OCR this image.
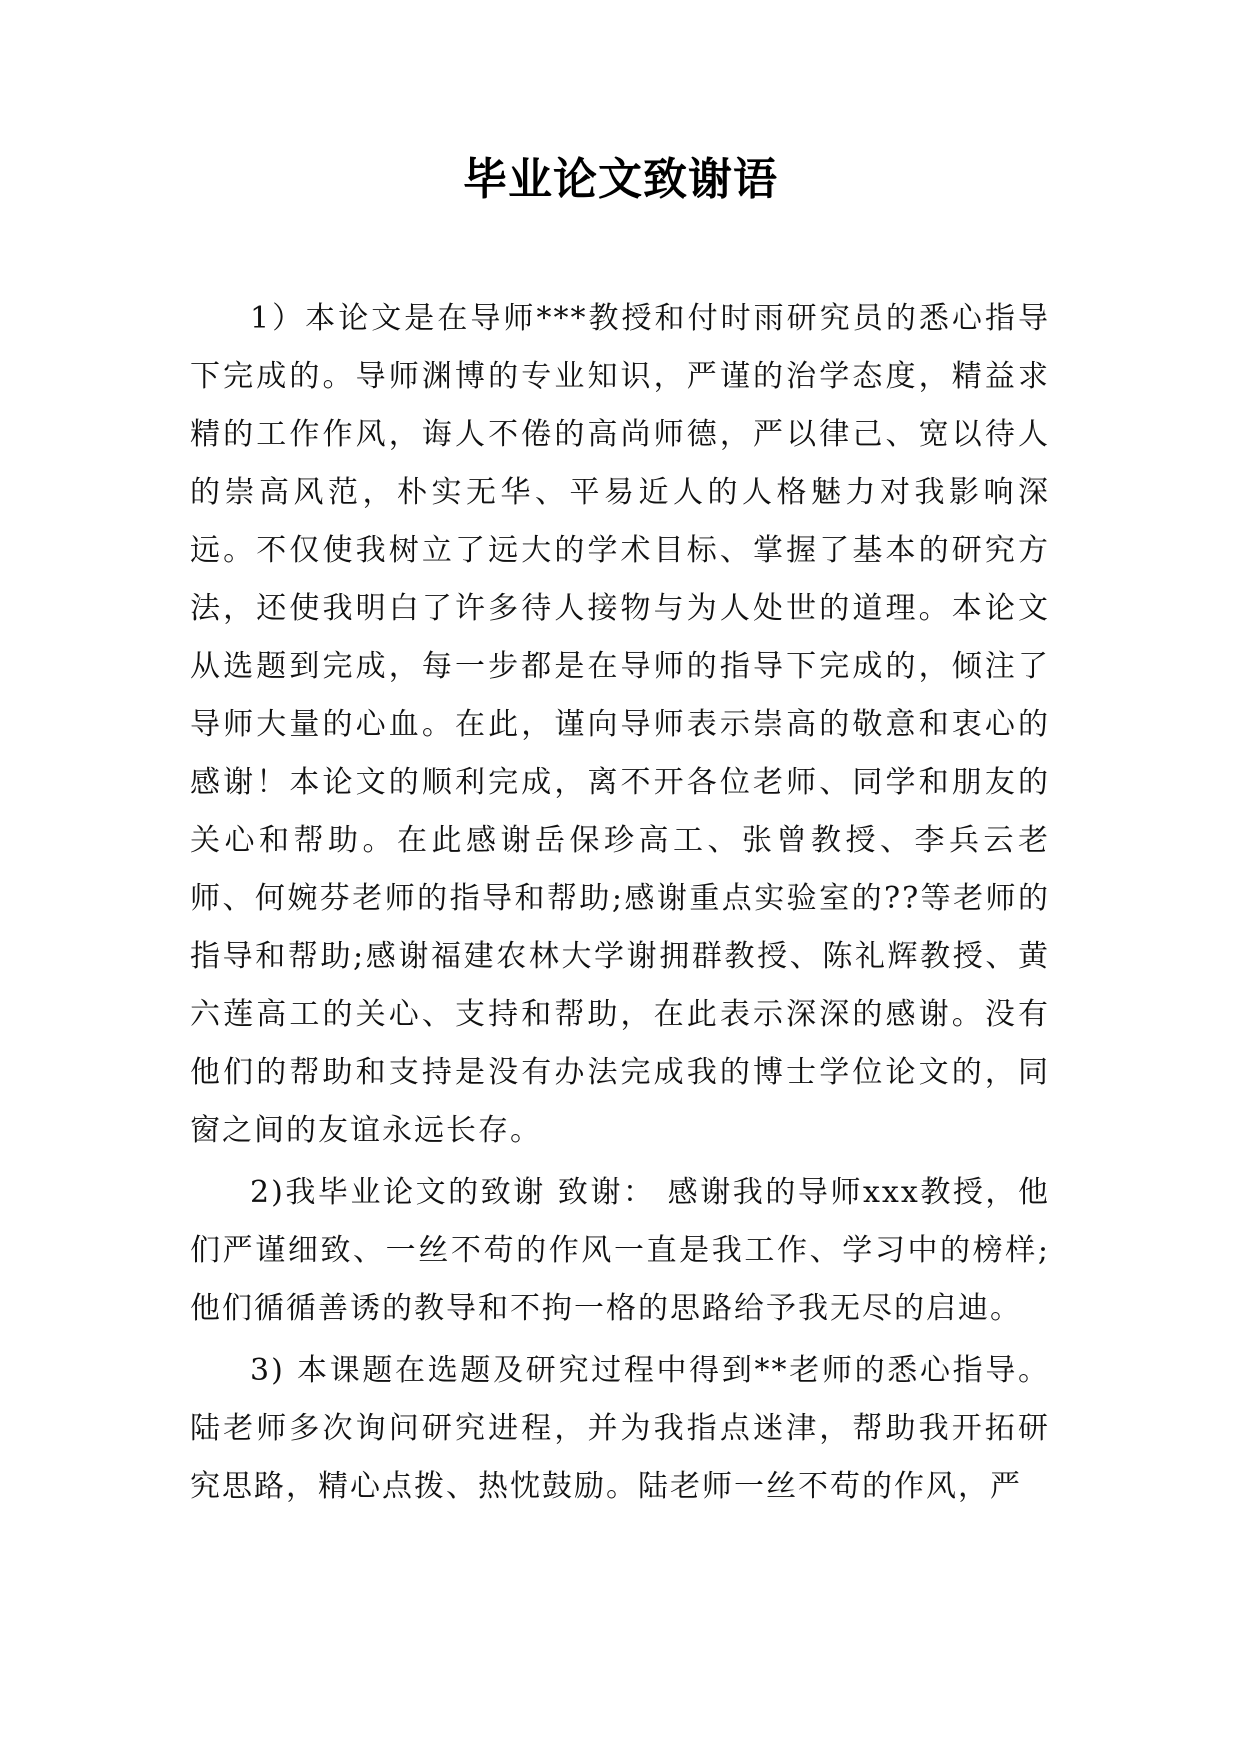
毕业论文致谢语

1）本论文是在导师***教授和付时雨研究员的悉心指导下完成的。导师渊博的专业知识，严谨的治学态度，精益求精的工作作风，诲人不倦的高尚师德，严以律己、宽以待人的崇高风范，朴实无华、平易近人的人格魅力对我影响深远。不仅使我树立了远大的学术目标、掌握了基本的研究方法，还使我明白了许多待人接物与为人处世的道理。本论文从选题到完成，每一步都是在导师的指导下完成的，倾注了导师大量的心血。在此，谨向导师表示崇高的敬意和衷心的感谢！本论文的顺利完成，离不开各位老师、同学和朋友的关心和帮助。在此感谢岳保珍高工、张曾教授、李兵云老师、何婉芬老师的指导和帮助;感谢重点实验室的??等老师的指导和帮助;感谢福建农林大学谢拥群教授、陈礼辉教授、黄六莲高工的关心、支持和帮助，在此表示深深的感谢。没有他们的帮助和支持是没有办法完成我的博士学位论文的，同窗之间的友谊永远长存。

2)我毕业论文的致谢 致谢： 感谢我的导师xxx教授，他们严谨细致、一丝不苟的作风一直是我工作、学习中的榜样;他们循循善诱的教导和不拘一格的思路给予我无尽的启迪。

3) 本课题在选题及研究过程中得到**老师的悉心指导。陆老师多次询问研究进程，并为我指点迷津，帮助我开拓研究思路，精心点拨、热忱鼓励。陆老师一丝不苟的作风，严
